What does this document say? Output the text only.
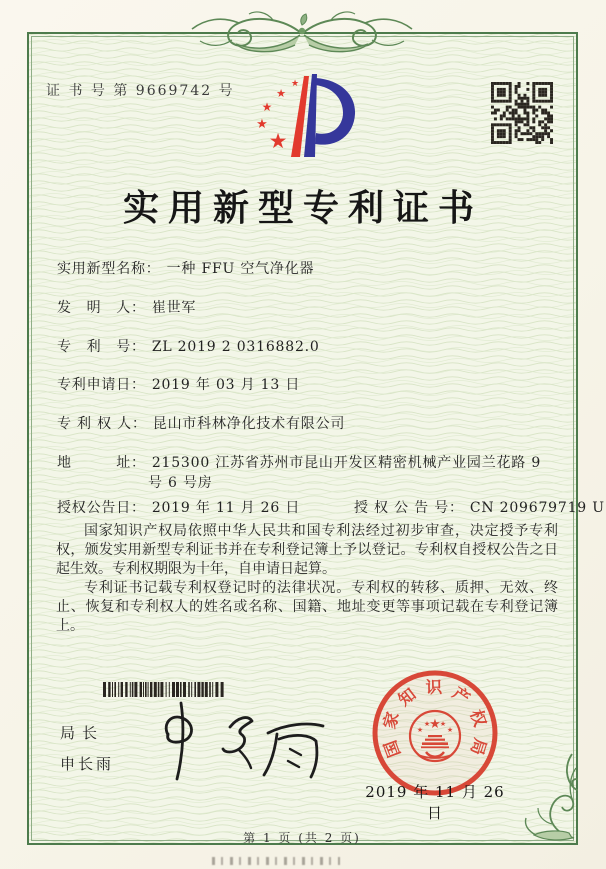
证 书 号 第 9669742 号	★
★
★
★
★
实用新型专利证书
实用新型名称： 一种 FFU 空气净化器
发　明　人： 崔世军
专　利　号： ZL 2019 2 0316882.0
专利申请日： 2019 年 03 月 13 日
专 利 权 人： 昆山市科林净化技术有限公司
地　　　址： 215300 江苏省苏州市昆山开发区精密机械产业园兰花路 9
号 6 号房
授权公告日： 2019 年 11 月 26 日	授 权 公 告 号： CN 209679719 U

国家知识产权局依照中华人民共和国专利法经过初步审查，决定授予专利权，颁发实用新型专利证书并在专利登记簿上予以登记。专利权自授权公告之日起生效。专利权期限为十年，自申请日起算。

专利证书记载专利权登记时的法律状况。专利权的转移、质押、无效、终止、恢复和专利权人的姓名或名称、国籍、地址变更等事项记载在专利登记簿上。

局长
申长雨
国家知识产权局
★
★
★ ★
★
2019 年 11 月 26 日
第 1 页 (共 2 页)
